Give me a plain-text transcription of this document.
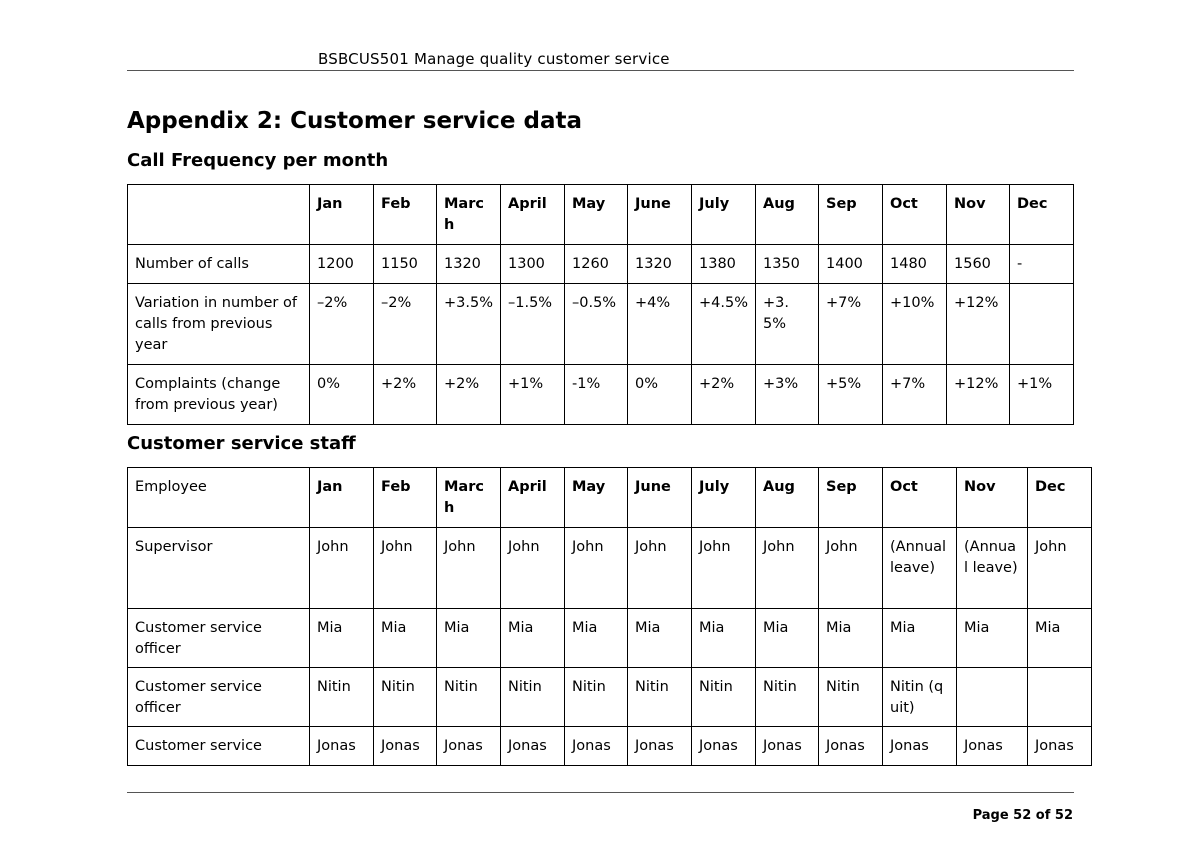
BSBCUS501 Manage quality customer service
Appendix 2: Customer service data
Call Frequency per month
	Jan	Feb	March	April	May	June	July	Aug	Sep	Oct	Nov	Dec
Number of calls	1200	1150	1320	1300	1260	1320	1380	1350	1400	1480	1560	-
Variation in number of calls from previous year	–2%	–2%	+3.5%	–1.5%	–0.5%	+4%	+4.5%	+3.5%	+7%	+10%	+12%	
Complaints (change from previous year)	0%	+2%	+2%	+1%	-1%	0%	+2%	+3%	+5%	+7%	+12%	+1%
Customer service staff
Employee	Jan	Feb	March	April	May	June	July	Aug	Sep	Oct	Nov	Dec
Supervisor	John	John	John	John	John	John	John	John	John	(Annual leave)	(Annual leave)	John
Customer service officer	Mia	Mia	Mia	Mia	Mia	Mia	Mia	Mia	Mia	Mia	Mia	Mia
Customer service officer	Nitin	Nitin	Nitin	Nitin	Nitin	Nitin	Nitin	Nitin	Nitin	Nitin (quit)		
Customer service	Jonas	Jonas	Jonas	Jonas	Jonas	Jonas	Jonas	Jonas	Jonas	Jonas	Jonas	Jonas
Page 52 of 52
